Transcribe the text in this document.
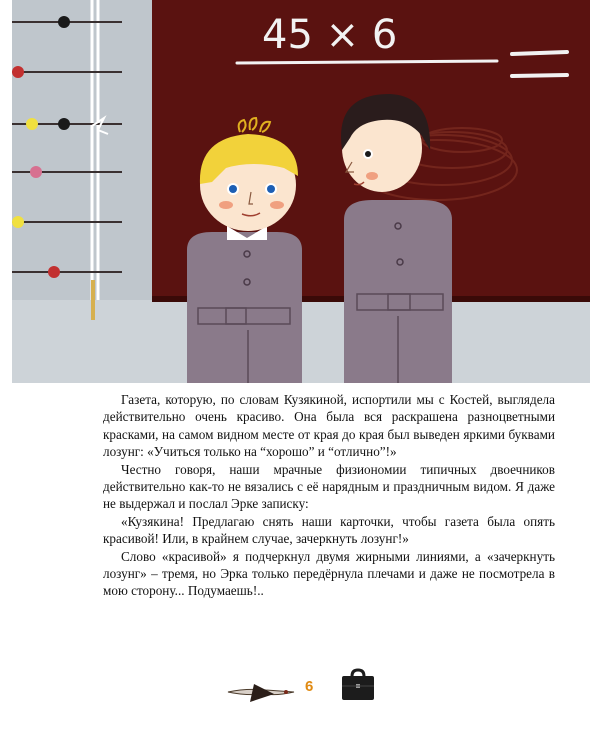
45 × 6

Газета, которую, по словам Кузякиной, испортили мы с Костей, выглядела действительно очень красиво. Она была вся раскрашена разноцветными красками, на самом видном месте от края до края был выведен яркими буквами лозунг: «Учиться только на “хорошо” и “отлично”!»

Честно говоря, наши мрачные физиономии типичных двоечников действительно как-то не вязались с её нарядным и праздничным видом. Я даже не выдержал и послал Эрке записку:

«Кузякина! Предлагаю снять наши карточки, чтобы газета была опять красивой! Или, в крайнем случае, зачеркнуть лозунг!»

Слово «красивой» я подчеркнул двумя жирными линиями, а «зачеркнуть лозунг» – тремя, но Эрка только передёрнула плечами и даже не посмотрела в мою сторону... Подумаешь!..

6
